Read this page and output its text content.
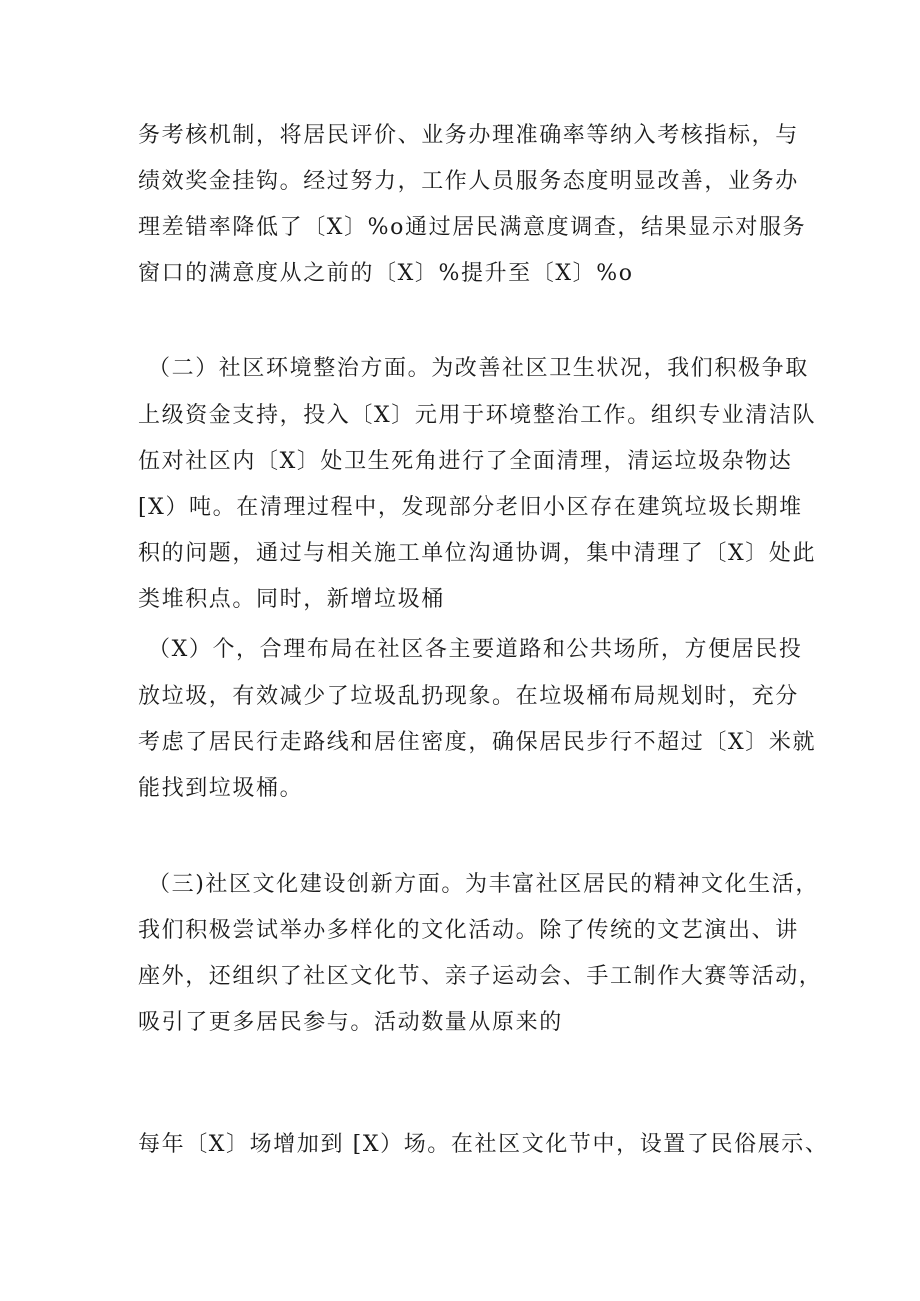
务考核机制，将居民评价、业务办理准确率等纳入考核指标，与
绩效奖金挂钩。经过努力，工作人员服务态度明显改善，业务办
理差错率降低了〔X〕%o通过居民满意度调查，结果显示对服务
窗口的满意度从之前的〔X〕%提升至〔X〕%o
（二）社区环境整治方面。为改善社区卫生状况，我们积极争取
上级资金支持，投入〔X〕元用于环境整治工作。组织专业清洁队
伍对社区内〔X〕处卫生死角进行了全面清理，清运垃圾杂物达
[X）吨。在清理过程中，发现部分老旧小区存在建筑垃圾长期堆
积的问题，通过与相关施工单位沟通协调，集中清理了〔X〕处此
类堆积点。同时，新增垃圾桶
（X）个，合理布局在社区各主要道路和公共场所，方便居民投
放垃圾，有效减少了垃圾乱扔现象。在垃圾桶布局规划时，充分
考虑了居民行走路线和居住密度，确保居民步行不超过〔X〕米就
能找到垃圾桶。
（三)社区文化建设创新方面。为丰富社区居民的精神文化生活，
我们积极尝试举办多样化的文化活动。除了传统的文艺演出、讲
座外，还组织了社区文化节、亲子运动会、手工制作大赛等活动，
吸引了更多居民参与。活动数量从原来的
每年〔X〕场增加到 [X）场。在社区文化节中，设置了民俗展示、
